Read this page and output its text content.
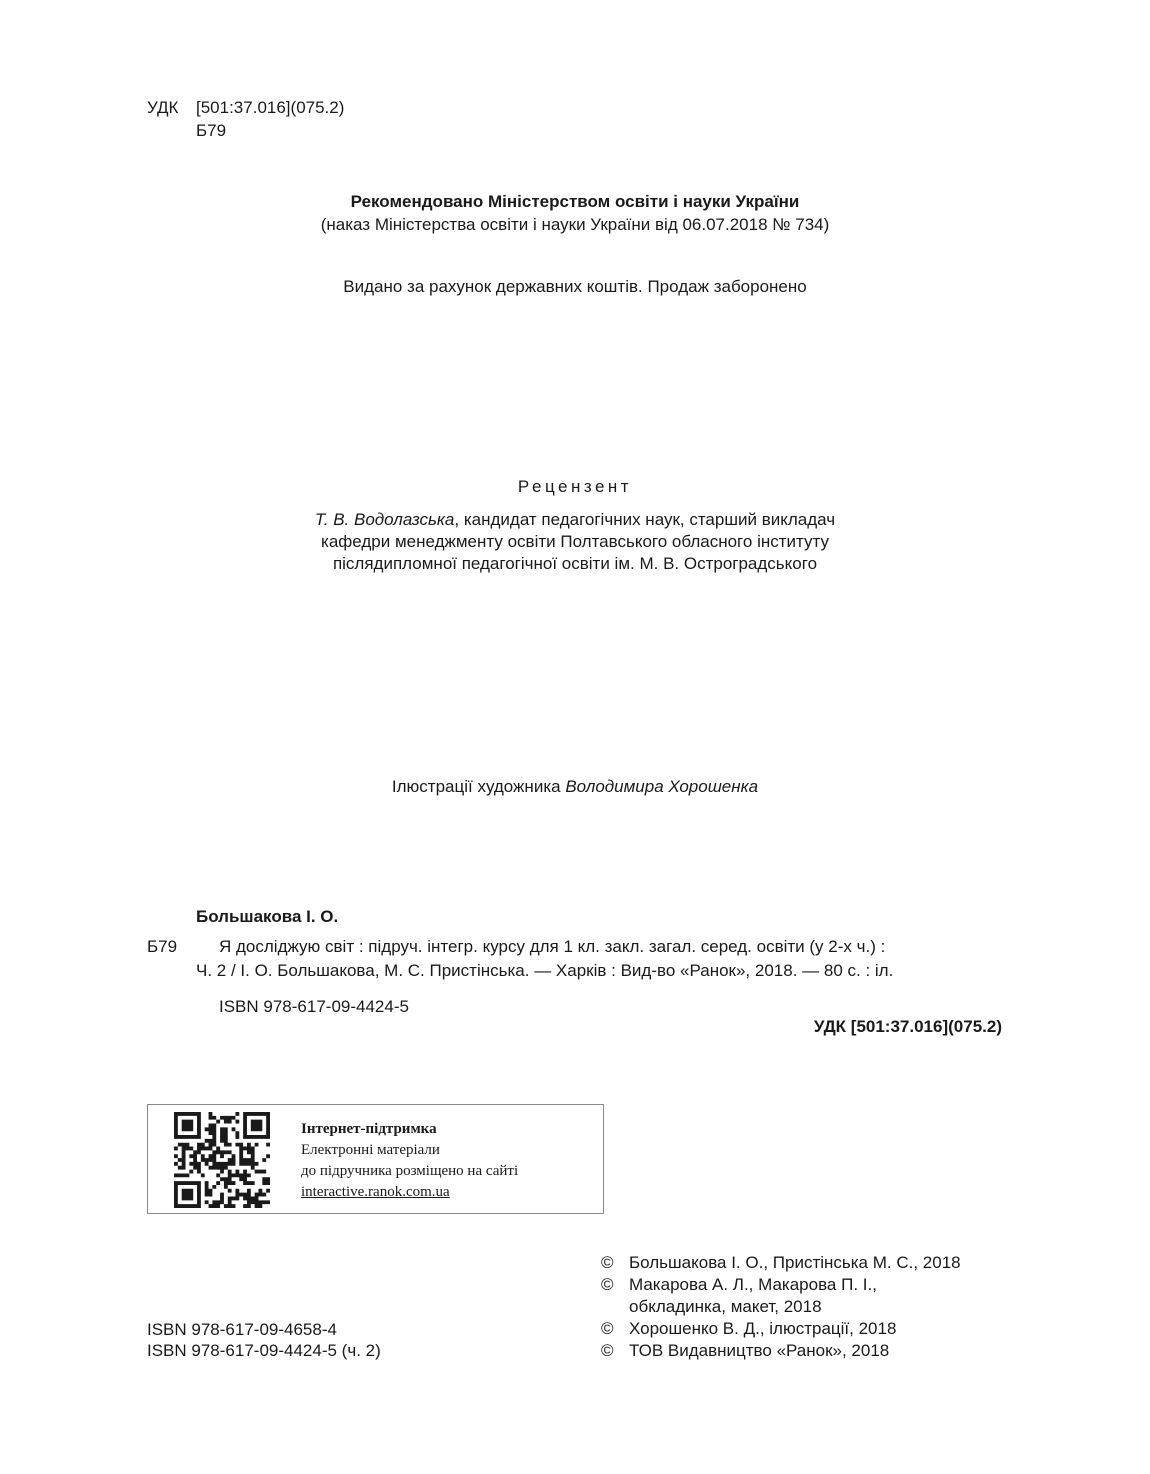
УДК [501:37.016](075.2)
Б79
Рекомендовано Міністерством освіти і науки України
(наказ Міністерства освіти і науки України від 06.07.2018 № 734)
Видано за рахунок державних коштів. Продаж заборонено
Рецензент
Т. В. Водолазська, кандидат педагогічних наук, старший викладач
кафедри менеджменту освіти Полтавського обласного інституту
післядипломної педагогічної освіти ім. М. В. Остроградського
Ілюстрації художника Володимира Хорошенка
Большакова І. О.
Б79 Я досліджую світ : підруч. інтегр. курсу для 1 кл. закл. загал. серед. освіти (у 2-х ч.) :
Ч. 2 / І. О. Большакова, М. С. Пристінська. — Харків : Вид-во «Ранок», 2018. — 80 с. : іл.
ISBN 978-617-09-4424-5
УДК [501:37.016](075.2)
Інтернет-підтримка
Електронні матеріали
до підручника розміщено на сайті
interactive.ranok.com.ua
ISBN 978-617-09-4658-4
ISBN 978-617-09-4424-5 (ч. 2)
© Большакова І. О., Пристінська М. С., 2018
© Макарова А. Л., Макарова П. І.,
обкладинка, макет, 2018
© Хорошенко В. Д., ілюстрації, 2018
© ТОВ Видавництво «Ранок», 2018
